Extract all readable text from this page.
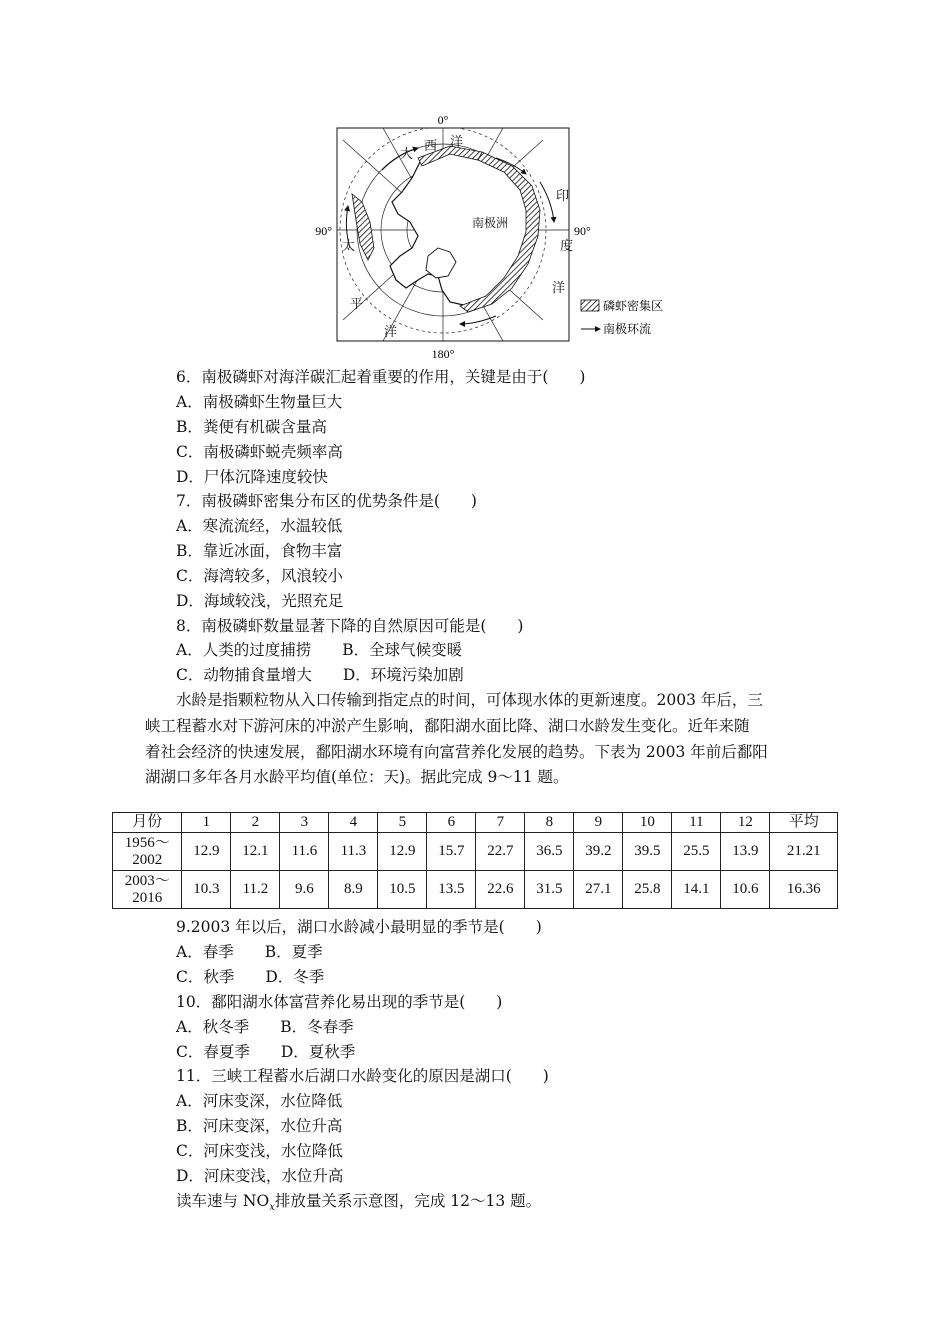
0°
180°
90°	90°
大
西 洋
印
度
洋
太
平
洋
南极洲
磷虾密集区
南极环流
6．南极磷虾对海洋碳汇起着重要的作用，关键是由于(　　)
A．南极磷虾生物量巨大
B．粪便有机碳含量高
C．南极磷虾蜕壳频率高
D．尸体沉降速度较快
7．南极磷虾密集分布区的优势条件是(　　)
A．寒流流经，水温较低
B．靠近冰面，食物丰富
C．海湾较多，风浪较小
D．海域较浅，光照充足
8．南极磷虾数量显著下降的自然原因可能是(　　)
A．人类的过度捕捞　　B．全球气候变暖
C．动物捕食量增大　　D．环境污染加剧
水龄是指颗粒物从入口传输到指定点的时间，可体现水体的更新速度。2003 年后，三
峡工程蓄水对下游河床的冲淤产生影响，鄱阳湖水面比降、湖口水龄发生变化。近年来随
着社会经济的快速发展，鄱阳湖水环境有向富营养化发展的趋势。下表为 2003 年前后鄱阳
湖湖口多年各月水龄平均值(单位：天)。据此完成 9～11 题。
月份	1	2	3	4	5	6	7	8	9	10	11	12	平均
1956～
2002	12.9	12.1	11.6	11.3	12.9	15.7	22.7	36.5	39.2	39.5	25.5	13.9	21.21
2003～
2016	10.3	11.2	9.6	8.9	10.5	13.5	22.6	31.5	27.1	25.8	14.1	10.6	16.36
9.2003 年以后，湖口水龄减小最明显的季节是(　　)
A．春季　　B．夏季
C．秋季　　D．冬季
10．鄱阳湖水体富营养化易出现的季节是(　　)
A．秋冬季　　B．冬春季
C．春夏季　　D．夏秋季
11．三峡工程蓄水后湖口水龄变化的原因是湖口(　　)
A．河床变深，水位降低
B．河床变深，水位升高
C．河床变浅，水位降低
D．河床变浅，水位升高
读车速与 $NO_x$排放量关系示意图，完成 12～13 题。
